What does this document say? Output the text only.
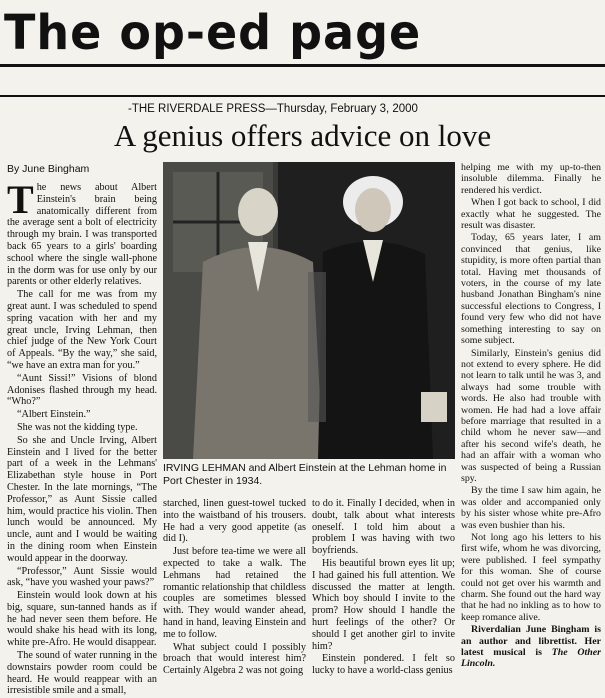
The op-ed page
-THE RIVERDALE PRESS—Thursday, February 3, 2000
A genius offers advice on love
By June Bingham

The news about Albert Einstein's brain being anatomically different from the average sent a bolt of electricity through my brain. I was transported back 65 years to a girls' boarding school where the single wall-phone in the dorm was for use only by our parents or other elderly relatives.

The call for me was from my great aunt. I was scheduled to spend spring vacation with her and my great uncle, Irving Lehman, then chief judge of the New York Court of Appeals. “By the way,” she said, “we have an extra man for you.”

“Aunt Sissi!” Visions of blond Adonises flashed through my head. “Who?”

“Albert Einstein.”

She was not the kidding type.

So she and Uncle Irving, Albert Einstein and I lived for the better part of a week in the Lehmans' Elizabethan style house in Port Chester. In the late mornings, “The Professor,” as Aunt Sissie called him, would practice his violin. Then lunch would be announced. My uncle, aunt and I would be waiting in the dining room when Einstein would appear in the doorway.

“Professor,” Aunt Sissie would ask, “have you washed your paws?”

Einstein would look down at his big, square, sun-tanned hands as if he had never seen them before. He would shake his head with its long, white pre-Afro. He would disappear.

The sound of water running in the downstairs powder room could be heard. He would reappear with an irresistible smile and a small,

IRVING LEHMAN and Albert Einstein at the Lehman home in Port Chester in 1934.

starched, linen guest-towel tucked into the waistband of his trousers. He had a very good appetite (as did I).

Just before tea-time we were all expected to take a walk. The Lehmans had retained the romantic relationship that childless couples are sometimes blessed with. They would wander ahead, hand in hand, leaving Einstein and me to follow.

What subject could I possibly broach that would interest him? Certainly Algebra 2 was not going

to do it. Finally I decided, when in doubt, talk about what interests oneself. I told him about a problem I was having with two boyfriends.

His beautiful brown eyes lit up; I had gained his full attention. We discussed the matter at length. Which boy should I invite to the prom? How should I handle the hurt feelings of the other? Or should I get another girl to invite him?

Einstein pondered. I felt so lucky to have a world-class genius

helping me with my up-to-then insoluble dilemma. Finally he rendered his verdict.

When I got back to school, I did exactly what he suggested. The result was disaster.

Today, 65 years later, I am convinced that genius, like stupidity, is more often partial than total. Having met thousands of voters, in the course of my late husband Jonathan Bingham's nine successful elections to Congress, I found very few who did not have something interesting to say on some subject.

Similarly, Einstein's genius did not extend to every sphere. He did not learn to talk until he was 3, and always had some trouble with words. He also had trouble with women. He had had a love affair before marriage that resulted in a child whom he never saw—and after his second wife's death, he had an affair with a woman who was suspected of being a Russian spy.

By the time I saw him again, he was older and accompanied only by his sister whose white pre-Afro was even bushier than his.

Not long ago his letters to his first wife, whom he was divorcing, were published. I feel sympathy for this woman. She of course could not get over his warmth and charm. She found out the hard way that he had no inkling as to how to keep romance alive.

Riverdalian June Bingham is an author and librettist. Her latest musical is The Other Lincoln.
